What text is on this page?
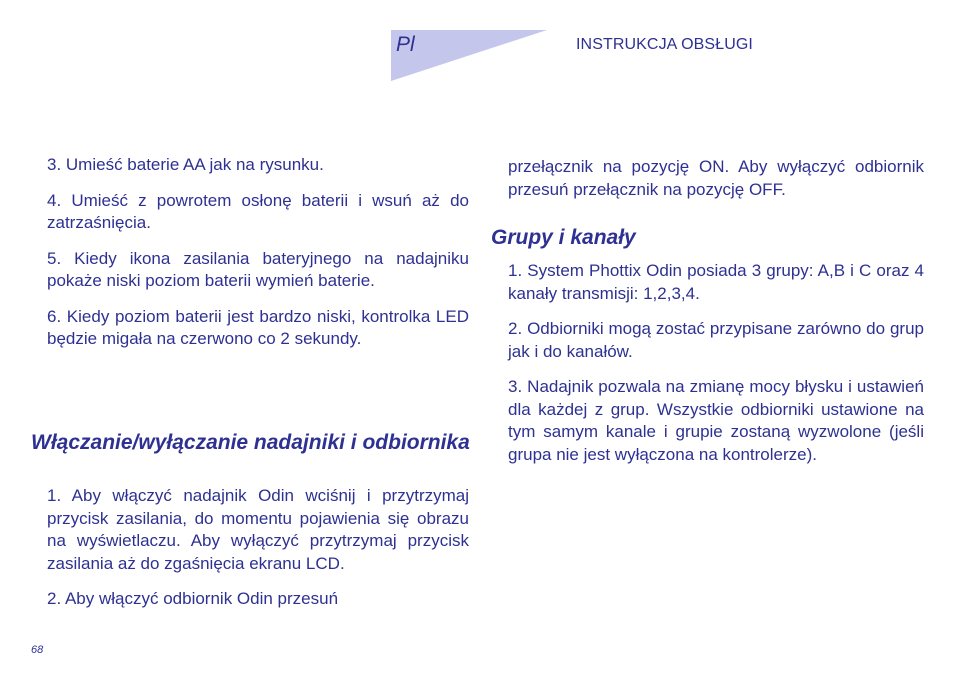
Pl	INSTRUKCJA OBSŁUGI

3. Umieść baterie AA jak na rysunku.

4. Umieść z powrotem osłonę baterii i wsuń aż do zatrzaśnięcia.

5. Kiedy ikona zasilania bateryjnego na nadajniku pokaże niski poziom baterii wymień baterie.

6. Kiedy poziom baterii jest bardzo niski, kontrolka LED będzie migała na czerwono co 2 sekundy.

Włączanie/wyłączanie nadajniki i odbiornika

1. Aby włączyć nadajnik Odin wciśnij i przytrzymaj przycisk zasilania, do momentu pojawienia się obrazu na wyświetlaczu. Aby wyłączyć przytrzymaj przycisk zasilania aż do zgaśnięcia ekranu LCD.

2. Aby włączyć odbiornik Odin przesuń

przełącznik na pozycję ON. Aby wyłączyć odbiornik przesuń przełącznik na pozycję OFF.

Grupy i kanały

1. System Phottix Odin posiada 3 grupy: A,B i C oraz 4 kanały transmisji: 1,2,3,4.

2. Odbiorniki mogą zostać przypisane zarówno do grup jak i do kanałów.

3. Nadajnik pozwala na zmianę mocy błysku i ustawień dla każdej z grup. Wszystkie odbiorniki ustawione na tym samym kanale i grupie zostaną wyzwolone (jeśli grupa nie jest wyłączona na kontrolerze).

68
